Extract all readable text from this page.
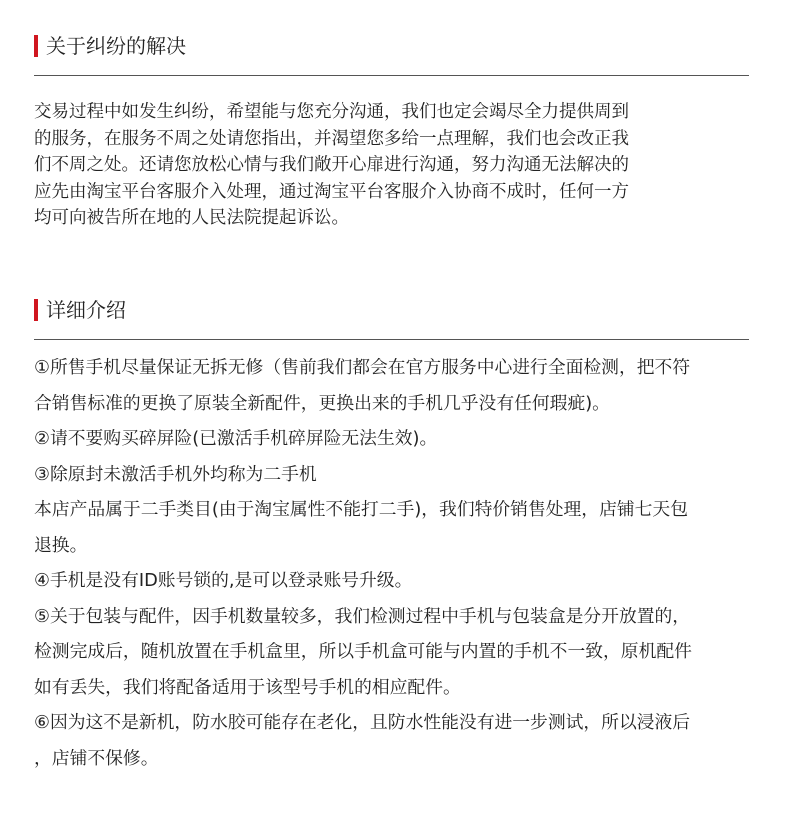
关于纠纷的解决
交易过程中如发生纠纷，希望能与您充分沟通，我们也定会竭尽全力提供周到
的服务，在服务不周之处请您指出，并渴望您多给一点理解，我们也会改正我
们不周之处。还请您放松心情与我们敞开心扉进行沟通，努力沟通无法解决的
应先由淘宝平台客服介入处理，通过淘宝平台客服介入协商不成时，任何一方
均可向被告所在地的人民法院提起诉讼。
详细介绍
①所售手机尽量保证无拆无修（售前我们都会在官方服务中心进行全面检测，把不符
合销售标准的更换了原装全新配件，更换出来的手机几乎没有任何瑕疵)。
②请不要购买碎屏险(已激活手机碎屏险无法生效)。
③除原封未激活手机外均称为二手机
本店产品属于二手类目(由于淘宝属性不能打二手)，我们特价销售处理，店铺七天包
退换。
④手机是没有ID账号锁的,是可以登录账号升级。
⑤关于包装与配件，因手机数量较多，我们检测过程中手机与包装盒是分开放置的，
检测完成后，随机放置在手机盒里，所以手机盒可能与内置的手机不一致，原机配件
如有丢失，我们将配备适用于该型号手机的相应配件。
⑥因为这不是新机，防水胶可能存在老化，且防水性能没有进一步测试，所以浸液后
，店铺不保修。
